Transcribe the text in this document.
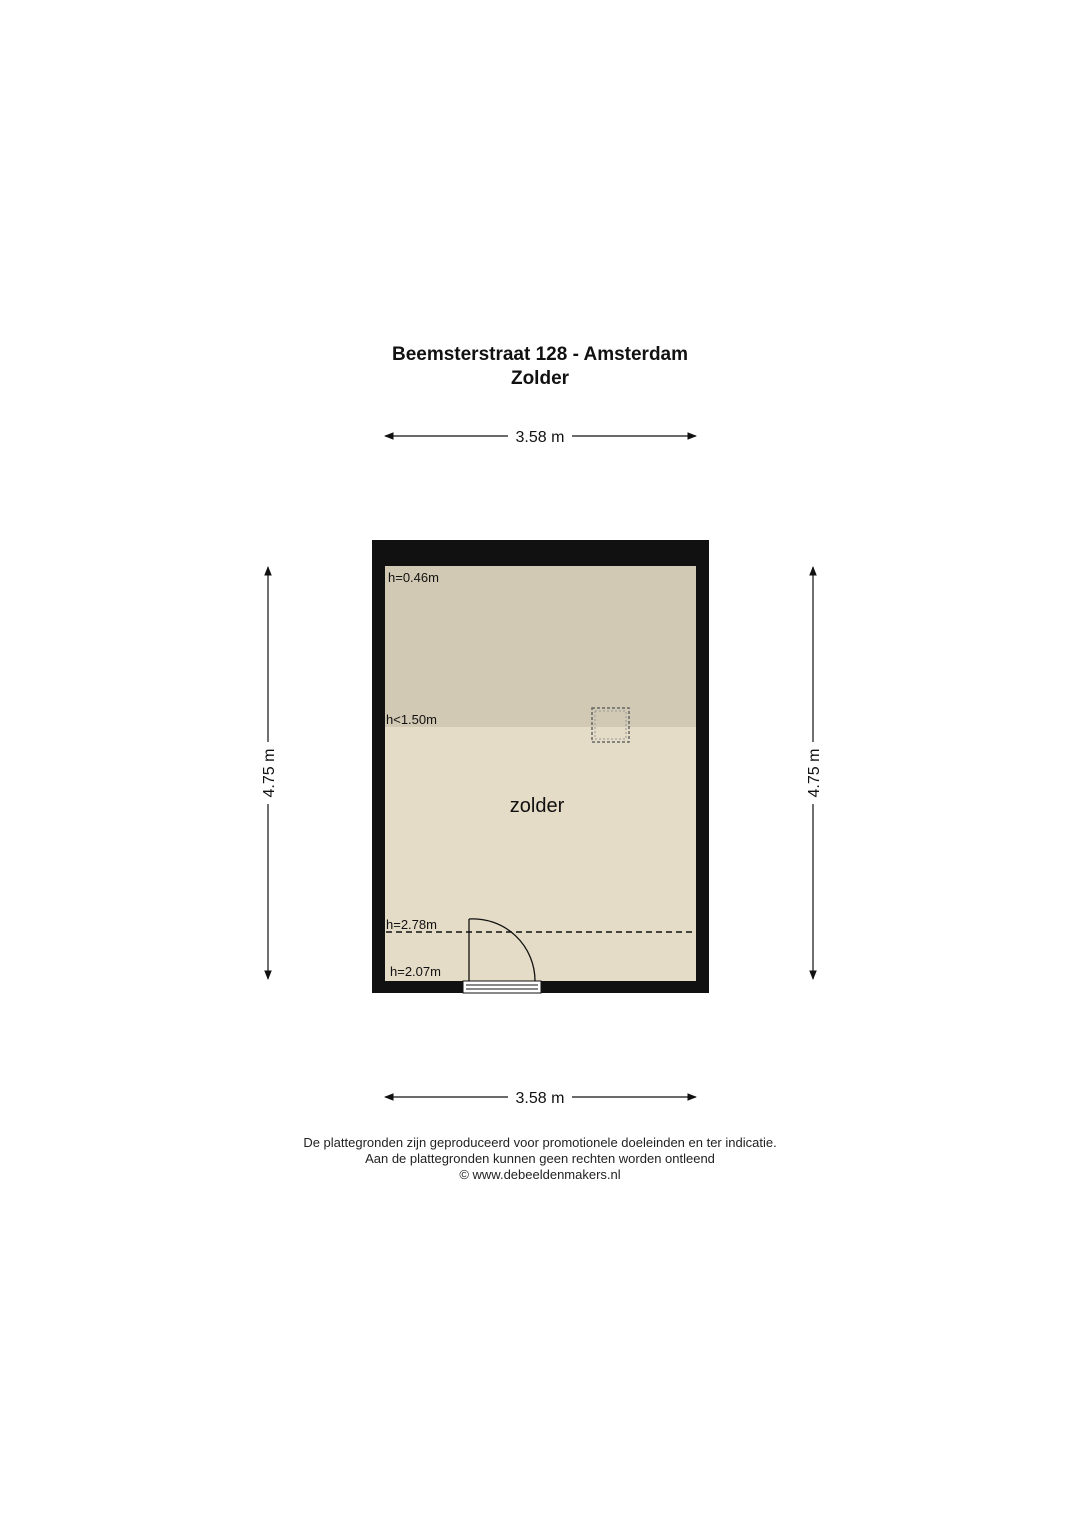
Beemsterstraat 128 - Amsterdam
Zolder
3.58 m
3.58 m
4.75 m	4.75 m
h=0.46m
h<1.50m
h=2.78m
h=2.07m
zolder
De plattegronden zijn geproduceerd voor promotionele doeleinden en ter indicatie.
Aan de plattegronden kunnen geen rechten worden ontleend
© www.debeeldenmakers.nl
